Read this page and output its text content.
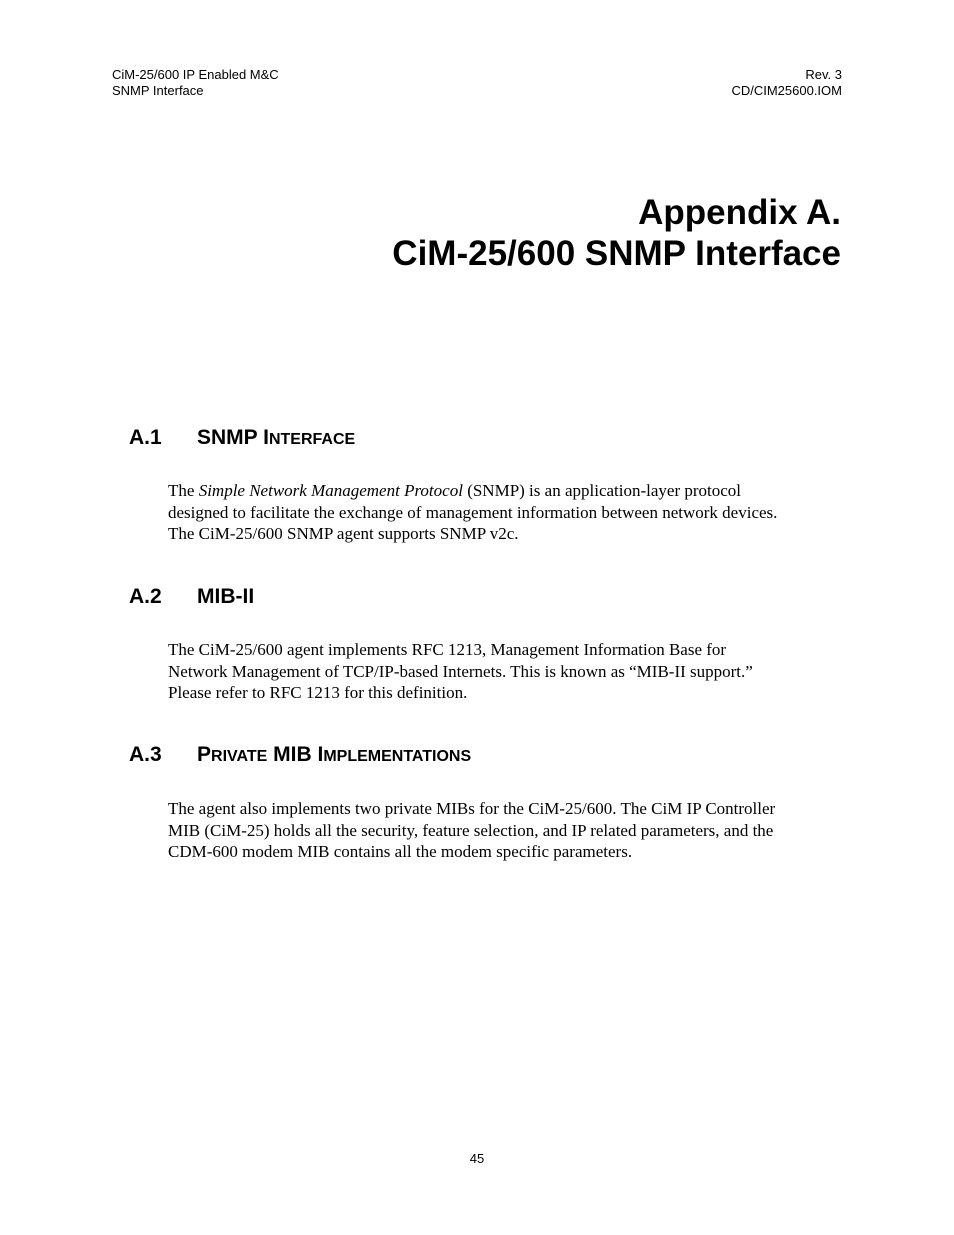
CiM-25/600 IP Enabled M&C
SNMP Interface
Rev. 3
CD/CIM25600.IOM
Appendix A.
CiM-25/600 SNMP Interface
A.1 SNMP INTERFACE
The Simple Network Management Protocol (SNMP) is an application-layer protocol
designed to facilitate the exchange of management information between network devices.
The CiM-25/600 SNMP agent supports SNMP v2c.
A.2 MIB-II
The CiM-25/600 agent implements RFC 1213, Management Information Base for
Network Management of TCP/IP-based Internets. This is known as “MIB-II support.”
Please refer to RFC 1213 for this definition.
A.3 PRIVATE MIB IMPLEMENTATIONS
The agent also implements two private MIBs for the CiM-25/600. The CiM IP Controller
MIB (CiM-25) holds all the security, feature selection, and IP related parameters, and the
CDM-600 modem MIB contains all the modem specific parameters.
45
